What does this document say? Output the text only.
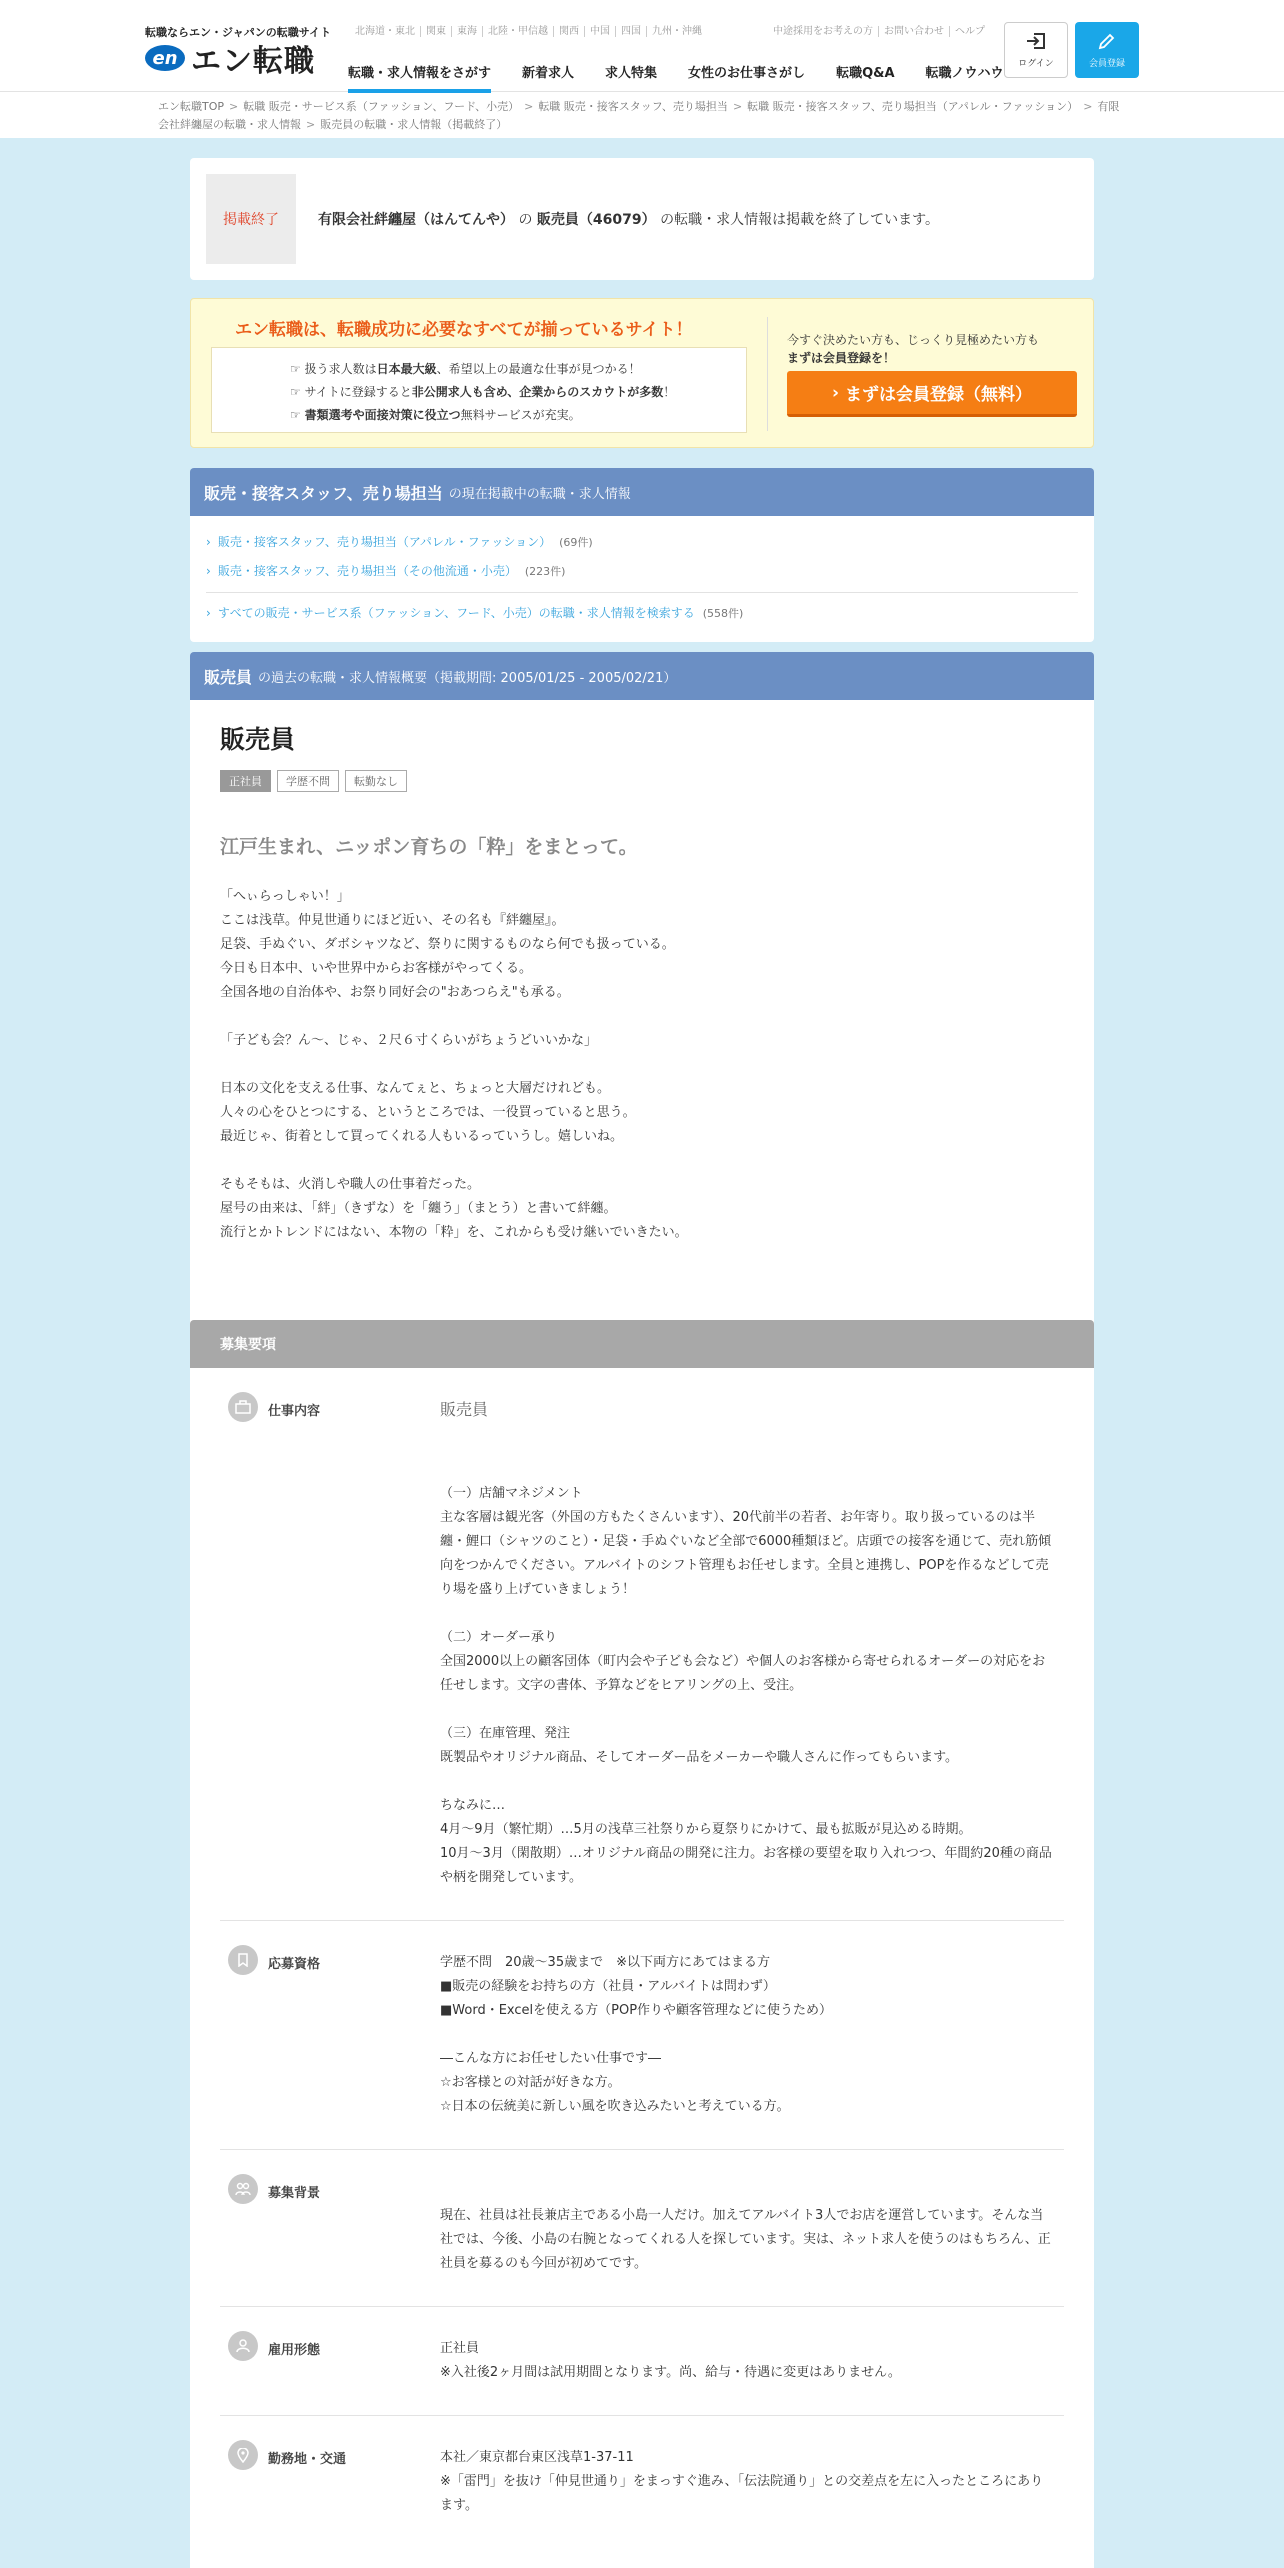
転職ならエン・ジャパンの転職サイト
en エン転職
北海道・東北	関東	東海	北陸・甲信越	関西	中国	四国	九州・沖縄	中途採用をお考えの方	お問い合わせ	ヘルプ
転職・求人情報をさがす 新着求人 求人特集 女性のお仕事さがし 転職Q&A 転職ノウハウ
ログイン	会員登録
エン転職TOP > 転職 販売・サービス系（ファッション、フード、小売） > 転職 販売・接客スタッフ、売り場担当 > 転職 販売・接客スタッフ、売り場担当（アパレル・ファッション） > 有限会社絆纏屋の転職・求人情報 > 販売員の転職・求人情報（掲載終了）
掲載終了	有限会社絆纏屋（はんてんや） の 販売員（46079） の転職・求人情報は掲載を終了しています。
エン転職は、転職成功に必要なすべてが揃っているサイト！
☞ 扱う求人数は日本最大級、希望以上の最適な仕事が見つかる！
☞ サイトに登録すると非公開求人も含め、企業からのスカウトが多数！
☞ 書類選考や面接対策に役立つ無料サービスが充実。
今すぐ決めたい方も、じっくり見極めたい方も
まずは会員登録を！
› まずは会員登録（無料）
販売・接客スタッフ、売り場担当 の現在掲載中の転職・求人情報
› 販売・接客スタッフ、売り場担当（アパレル・ファッション） (69件)
› 販売・接客スタッフ、売り場担当（その他流通・小売） (223件)
› すべての販売・サービス系（ファッション、フード、小売）の転職・求人情報を検索する (558件)
販売員 の過去の転職・求人情報概要（掲載期間: 2005/01/25 - 2005/02/21）
販売員
正社員	学歴不問	転勤なし
江戸生まれ、ニッポン育ちの「粋」をまとって。

「へぃらっしゃい！」
ここは浅草。仲見世通りにほど近い、その名も『絆纏屋』。
足袋、手ぬぐい、ダボシャツなど、祭りに関するものなら何でも扱っている。
今日も日本中、いや世界中からお客様がやってくる。
全国各地の自治体や、お祭り同好会の"おあつらえ"も承る。

「子ども会？ん～、じゃ、２尺６寸くらいがちょうどいいかな」

日本の文化を支える仕事、なんてぇと、ちょっと大層だけれども。
人々の心をひとつにする、というところでは、一役買っていると思う。
最近じゃ、街着として買ってくれる人もいるっていうし。嬉しいね。

そもそもは、火消しや職人の仕事着だった。
屋号の由来は、「絆」（きずな）を「纏う」（まとう）と書いて絆纏。
流行とかトレンドにはない、本物の「粋」を、これからも受け継いでいきたい。

募集要項
仕事内容	販売員
（一）店舗マネジメント
主な客層は観光客（外国の方もたくさんいます）、20代前半の若者、お年寄り。取り扱っているのは半纏・鯉口（シャツのこと）・足袋・手ぬぐいなど全部で6000種類ほど。店頭での接客を通じて、売れ筋傾向をつかんでください。アルバイトのシフト管理もお任せします。全員と連携し、POPを作るなどして売り場を盛り上げていきましょう！

（二）オーダー承り
全国2000以上の顧客団体（町内会や子ども会など）や個人のお客様から寄せられるオーダーの対応をお任せします。文字の書体、予算などをヒアリングの上、受注。

（三）在庫管理、発注
既製品やオリジナル商品、そしてオーダー品をメーカーや職人さんに作ってもらいます。

ちなみに…
4月～9月（繁忙期）…5月の浅草三社祭りから夏祭りにかけて、最も拡販が見込める時期。
10月～3月（閑散期）…オリジナル商品の開発に注力。お客様の要望を取り入れつつ、年間約20種の商品や柄を開発しています。
応募資格	学歴不問　20歳～35歳まで　※以下両方にあてはまる方
■販売の経験をお持ちの方（社員・アルバイトは問わず）
■Word・Excelを使える方（POP作りや顧客管理などに使うため）

―こんな方にお任せしたい仕事です―
☆お客様との対話が好きな方。
☆日本の伝統美に新しい風を吹き込みたいと考えている方。
募集背景

現在、社員は社長兼店主である小島一人だけ。加えてアルバイト3人でお店を運営しています。そんな当社では、今後、小島の右腕となってくれる人を探しています。実は、ネット求人を使うのはもちろん、正社員を募るのも今回が初めてです。
雇用形態	正社員
※入社後2ヶ月間は試用期間となります。尚、給与・待遇に変更はありません。
勤務地・交通	本社／東京都台東区浅草1-37-11
※「雷門」を抜け「仲見世通り」をまっすぐ進み、「伝法院通り」との交差点を左に入ったところにあります。
